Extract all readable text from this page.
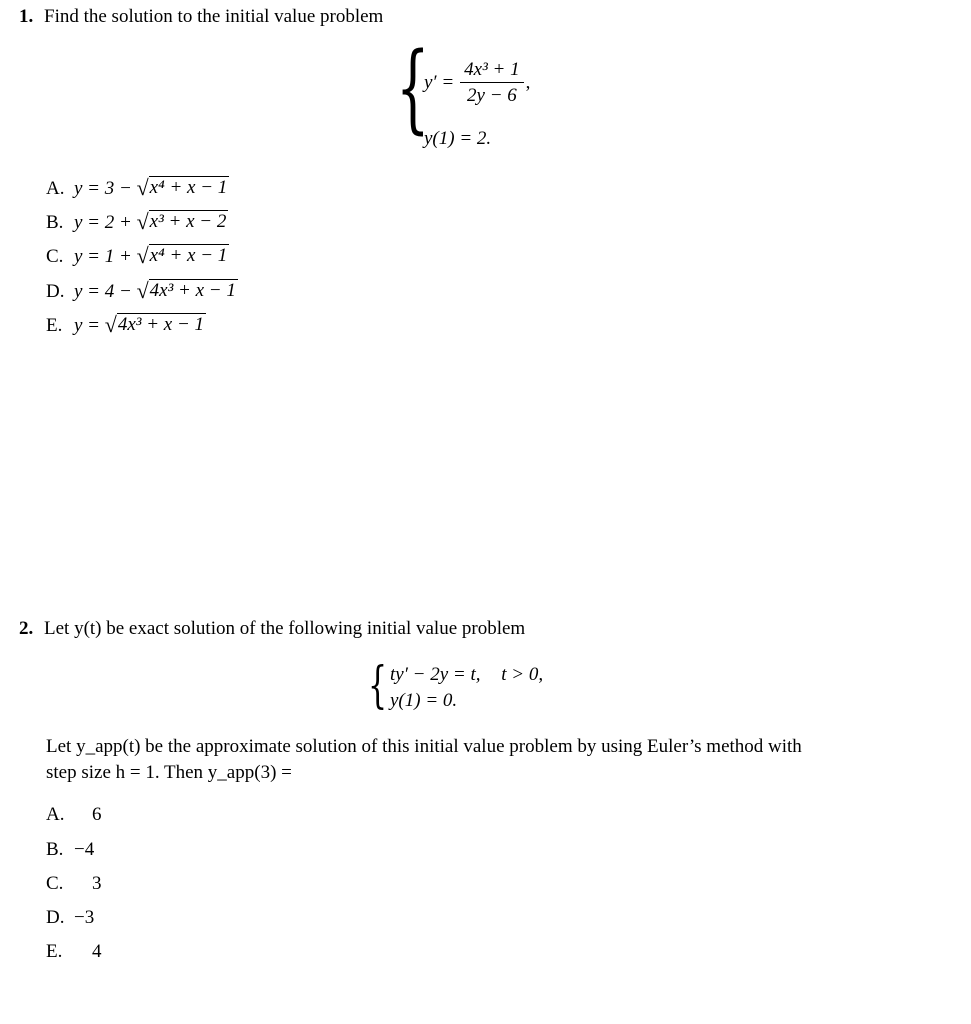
1. Find the solution to the initial value problem
{
$y' = \frac{\text{4x³ + 1}}{2y - 6}$ ,
y(1) = 2.
A. y = 3 − √ x⁴ + x − 1
B. y = 2 + √ x³ + x − 2
C. y = 1 + √ x⁴ + x − 1
D. y = 4 − √ 4x³ + x − 1
E. y = √ 4x³ + x − 1
2. Let y(t) be exact solution of the following initial value problem
{ ty′ − 2y = t, t > 0,
y(1) = 0.
Let y_app(t) be the approximate solution of this initial value problem by using Euler’s method with
step size h = 1. Then y_app(3) =
A. 6
B. −4
C. 3
D. −3
E. 4
